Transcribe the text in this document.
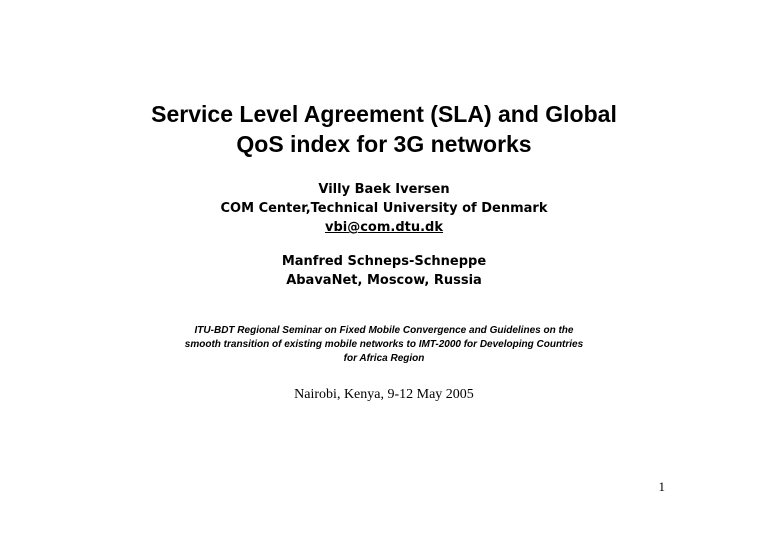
Service Level Agreement (SLA) and Global
QoS index for 3G networks
Villy Baek Iversen
COM Center,Technical University of Denmark
vbi@com.dtu.dk
Manfred Schneps-Schneppe
AbavaNet, Moscow, Russia
ITU-BDT Regional Seminar on Fixed Mobile Convergence and Guidelines on the
smooth transition of existing mobile networks to IMT-2000 for Developing Countries
for Africa Region
Nairobi, Kenya, 9-12 May 2005
1
